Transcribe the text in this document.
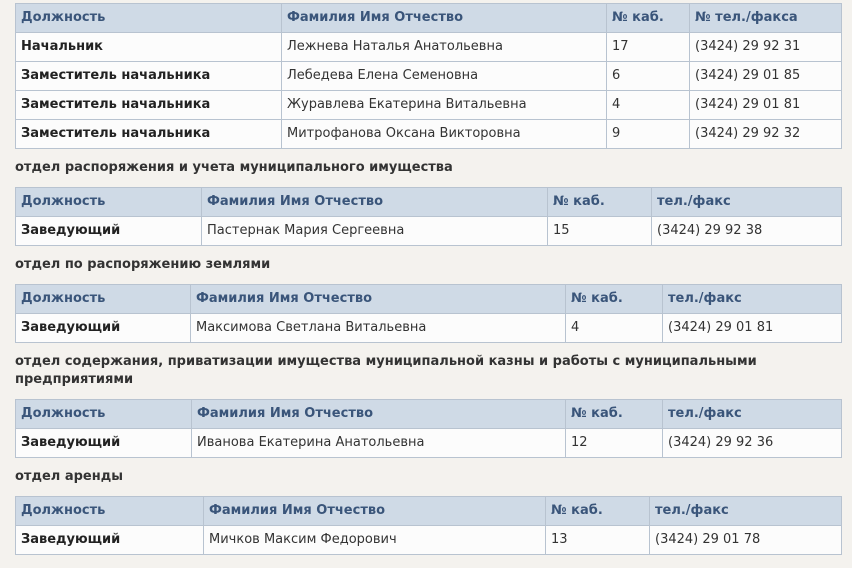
Должность	Фамилия Имя Отчество	№ каб.	№ тел./факса
Начальник	Лежнева Наталья Анатольевна	17	(3424) 29 92 31
Заместитель начальника	Лебедева Елена Семеновна	6	(3424) 29 01 85
Заместитель начальника	Журавлева Екатерина Витальевна	4	(3424) 29 01 81
Заместитель начальника	Митрофанова Оксана Викторовна	9	(3424) 29 92 32
отдел распоряжения и учета муниципального имущества
Должность	Фамилия Имя Отчество	№ каб.	тел./факс
Заведующий	Пастернак Мария Сергеевна	15	(3424) 29 92 38
отдел по распоряжению землями
Должность	Фамилия Имя Отчество	№ каб.	тел./факс
Заведующий	Максимова Светлана Витальевна	4	(3424) 29 01 81
отдел содержания, приватизации имущества муниципальной казны и работы с муниципальными предприятиями
Должность	Фамилия Имя Отчество	№ каб.	тел./факс
Заведующий	Иванова Екатерина Анатольевна	12	(3424) 29 92 36
отдел аренды
Должность	Фамилия Имя Отчество	№ каб.	тел./факс
Заведующий	Мичков Максим Федорович	13	(3424) 29 01 78
